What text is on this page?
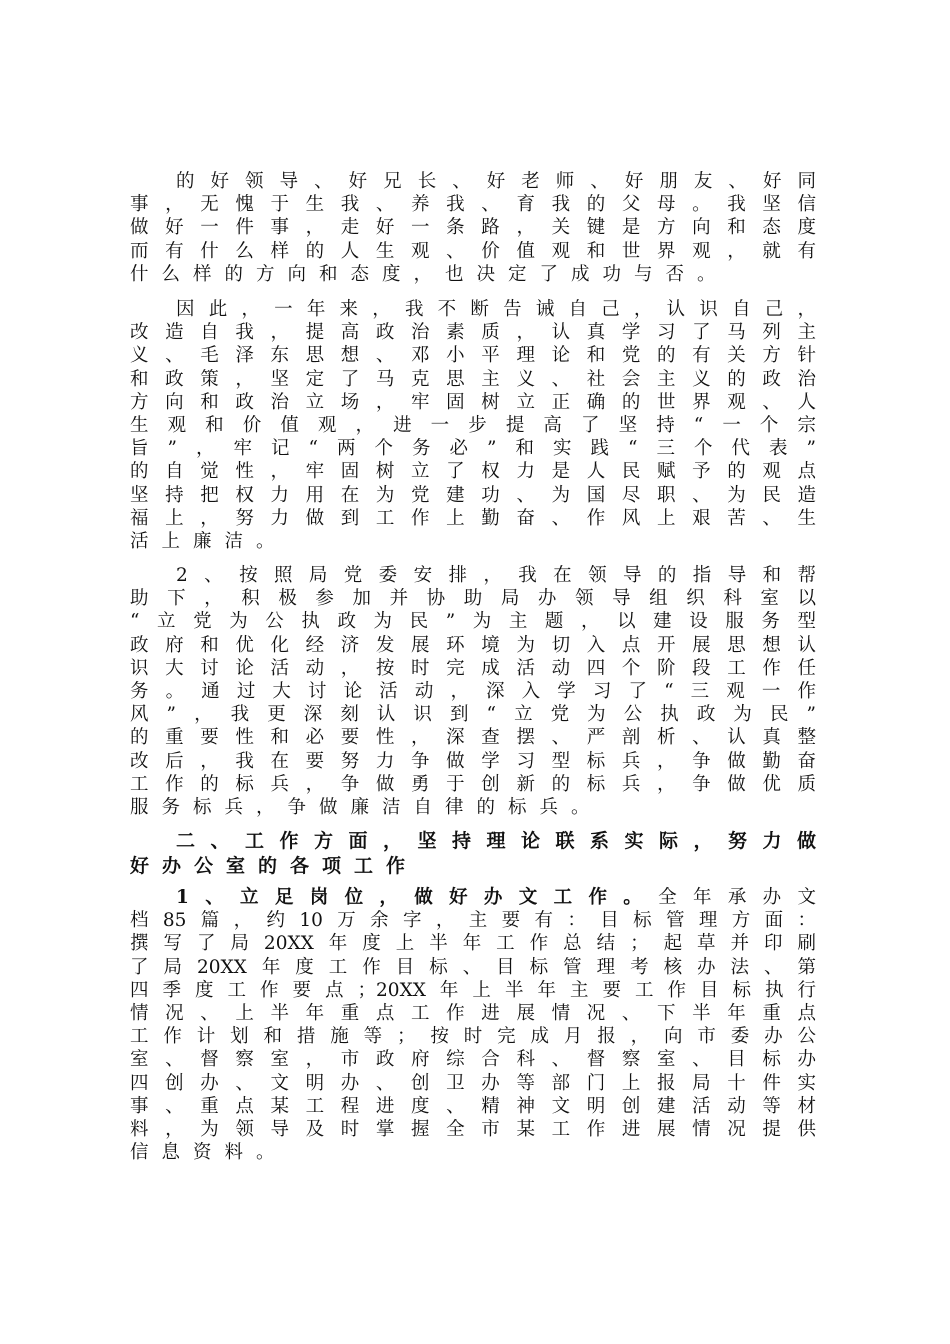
的好领导、好兄长、好老师、好朋友、好同
事，无愧于生我、养我、育我的父母。我坚信
做好一件事，走好一条路，关键是方向和态度
而有什么样的人生观、价值观和世界观，就有
什么样的方向和态度，也决定了成功与否。
因此，一年来，我不断告诫自己，认识自己，
改造自我，提高政治素质，认真学习了马列主
义、毛泽东思想、邓小平理论和党的有关方针
和政策，坚定了马克思主义、社会主义的政治
方向和政治立场，牢固树立正确的世界观、人
生观和价值观，进一步提高了坚持“一个宗
旨”，牢记“两个务必”和实践“三个代表”
的自觉性，牢固树立了权力是人民赋予的观点
坚持把权力用在为党建功、为国尽职、为民造
福上，努力做到工作上勤奋、作风上艰苦、生
活上廉洁。
2、按照局党委安排，我在领导的指导和帮
助下，积极参加并协助局办领导组织科室以
“立党为公执政为民”为主题，以建设服务型
政府和优化经济发展环境为切入点开展思想认
识大讨论活动，按时完成活动四个阶段工作任
务。通过大讨论活动，深入学习了“三观一作
风”，我更深刻认识到“立党为公执政为民”
的重要性和必要性，深查摆、严剖析、认真整
改后，我在要努力争做学习型标兵，争做勤奋
工作的标兵，争做勇于创新的标兵，争做优质
服务标兵，争做廉洁自律的标兵。
二、工作方面，坚持理论联系实际，努力做
好办公室的各项工作
1、立足岗位，做好办文工作。全年承办文
档85篇，约10万余字，主要有：目标管理方面：
撰写了局20XX年度上半年工作总结；起草并印刷
了局20XX年度工作目标、目标管理考核办法、第
四季度工作要点；20XX年上半年主要工作目标执行
情况、上半年重点工作进展情况、下半年重点
工作计划和措施等；按时完成月报，向市委办公
室、督察室，市政府综合科、督察室、目标办
四创办、文明办、创卫办等部门上报局十件实
事、重点某工程进度、精神文明创建活动等材
料，为领导及时掌握全市某工作进展情况提供
信息资料。
